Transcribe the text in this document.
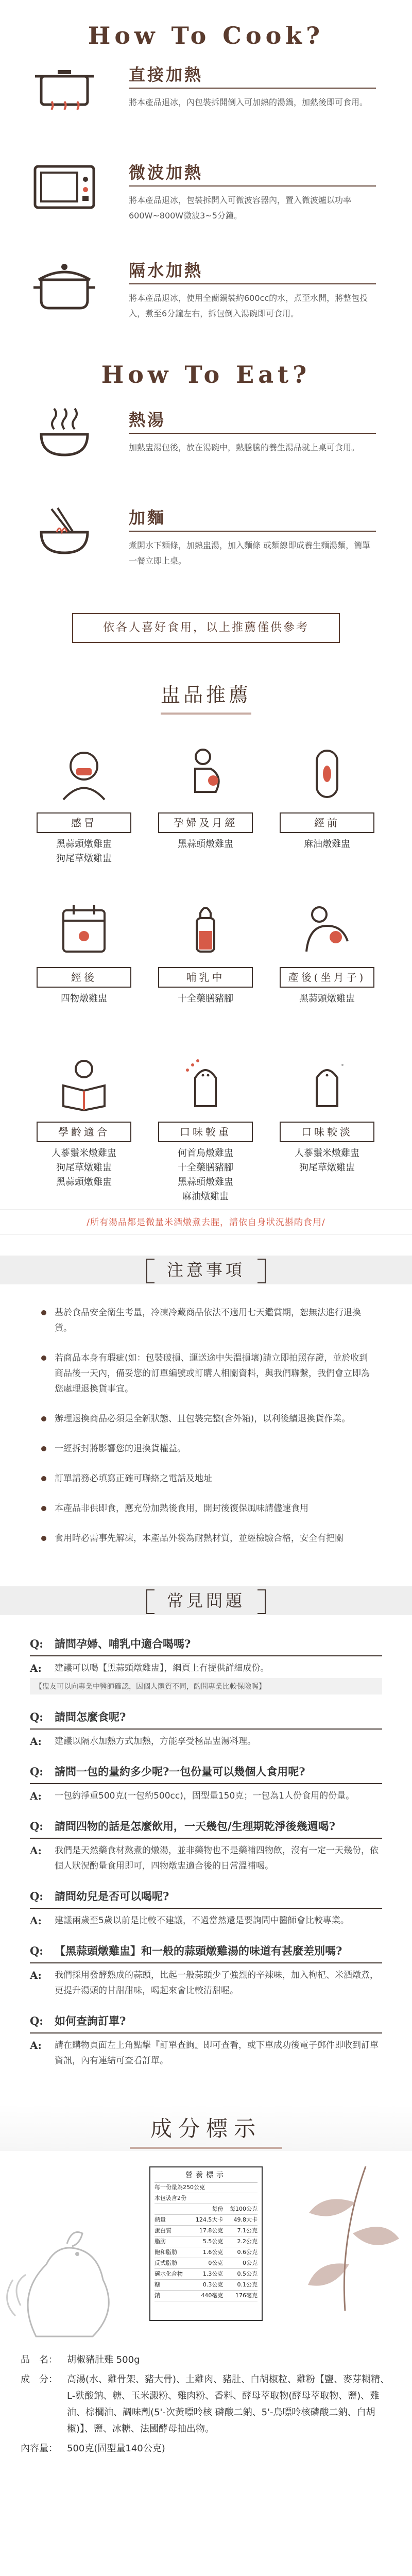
How To Cook?
直接加熱

將本產品退冰，內包裝拆開倒入可加熱的湯鍋，加熱後即可食用。

微波加熱

將本產品退冰，包裝拆開入可微波容器內，置入微波爐以功率600W~800W微波3~5分鐘。

隔水加熱

將本產品退冰，使用全蘭鍋裝約600cc的水，煮至水開，將整包投入，煮至6分鐘左右，拆包倒入湯碗即可食用。

How To Eat?
熱湯

加熱盅湯包後，放在湯碗中，熱騰騰的養生湯品就上桌可食用。

加麵

煮開水下麵條，加熱盅湯，加入麵條 或麵線即成養生麵湯麵，簡單一餐立即上桌。

依各人喜好食用，以上推薦僅供參考
盅品推薦
感冒
黑蒜頭燉雞盅
狗尾草燉雞盅
孕婦及月經
黑蒜頭燉雞盅
經前
麻油燉雞盅
經後
四物燉雞盅
哺乳中
十全藥膳豬腳
產後(坐月子)
黑蒜頭燉雞盅
學齡適合
人蔘鬚米燉雞盅
狗尾草燉雞盅
黑蒜頭燉雞盅
口味較重
何首烏燉雞盅
十全藥膳豬腳
黑蒜頭燉雞盅
麻油燉雞盅
口味較淡
人蔘鬚米燉雞盅
狗尾草燉雞盅
/所有湯品都是微量米酒燉煮去腥，請依自身狀況斟酌食用/
注意事項
基於食品安全衛生考量，冷凍冷藏商品依法不適用七天鑑賞期，恕無法進行退換貨。
若商品本身有瑕疵(如：包裝破損、運送途中失溫損壞)請立即拍照存證，並於收到商品後一天內，備妥您的訂單編號或訂購人相關資料，與我們聯繫，我們會立即為您處理退換貨事宜。
辦理退換商品必須是全新狀態、且包裝完整(含外箱)，以利後續退換貨作業。
一經拆封將影響您的退換貨權益。
訂單請務必填寫正確可聯絡之電話及地址
本產品非供即食，應充份加熱後食用，開封後復保風味請儘速食用
食用時必需事先解凍，本產品外袋為耐熱材質，並經檢驗合格，安全有把關
常見問題
Q: 請問孕婦、哺乳中適合喝嗎?
A: 建議可以喝【黑蒜頭燉雞盅】，網頁上有提供詳細成份。
【盅友可以向專業中醫師確認，因個人體質不同，酌問專業比較保險喔】
Q: 請問怎麼食呢?
A: 建議以隔水加熱方式加熱，方能享受極品盅湯料理。
Q: 請問一包的量約多少呢?一包份量可以幾個人食用呢?
A: 一包約淨重500克(一包約500cc)，固型量150克；一包為1人份食用的份量。
Q: 請問四物的話是怎麼飲用，一天幾包/生理期乾淨後幾週喝?
A: 我們是天然藥食材熬煮的燉湯，並非藥物也不是藥補四物飲，沒有一定一天幾份，依個人狀況酌量食用即可，四物燉盅適合後的日常溫補喝。
Q: 請問幼兒是否可以喝呢?
A: 建議兩歲至5歲以前是比較不建議，不過當然還是要詢問中醫師會比較專業。
Q: 【黑蒜頭燉雞盅】和一般的蒜頭燉雞湯的味道有甚麼差別嗎?
A: 我們採用發酵熟成的蒜頭，比起一般蒜頭少了強烈的辛辣味，加入枸杞、米酒燉煮，更提升湯頭的甘甜甜味，喝起來會比較清甜喔。
Q: 如何查詢訂單?
A: 請在購物頁面左上角點擊『訂單查詢』即可查看，或下單成功後電子郵件即收到訂單資訊，內有連結可查看訂單。
成分標示
營養標示
每一份量為250公克
本包裝含2份
每份	每100公克
熱量	124.5大卡	49.8大卡
蛋白質	17.8公克	7.1公克
脂肪	5.5公克	2.2公克
飽和脂肪	1.6公克	0.6公克
反式脂肪	0公克	0公克
碳水化合物	1.3公克	0.5公克
糖	0.3公克	0.1公克
鈉	440毫克	176毫克
品　名： 胡椒豬肚雞 500g
成　分： 高湯(水、雞骨架、豬大骨)、土雞肉、豬肚、白胡椒粒、雞粉【鹽、麥芽糊精、L-麩酸鈉、糖、玉米澱粉、雞肉粉、香料、酵母萃取物(酵母萃取物、鹽)、雞油、棕櫚油、調味劑(5'-次黃嘌呤核 磷酸二鈉、5'-鳥嘌呤核磷酸二鈉、白胡椒)】、鹽、冰糖、法國酵母抽出物。
內容量： 500克(固型量140公克)
